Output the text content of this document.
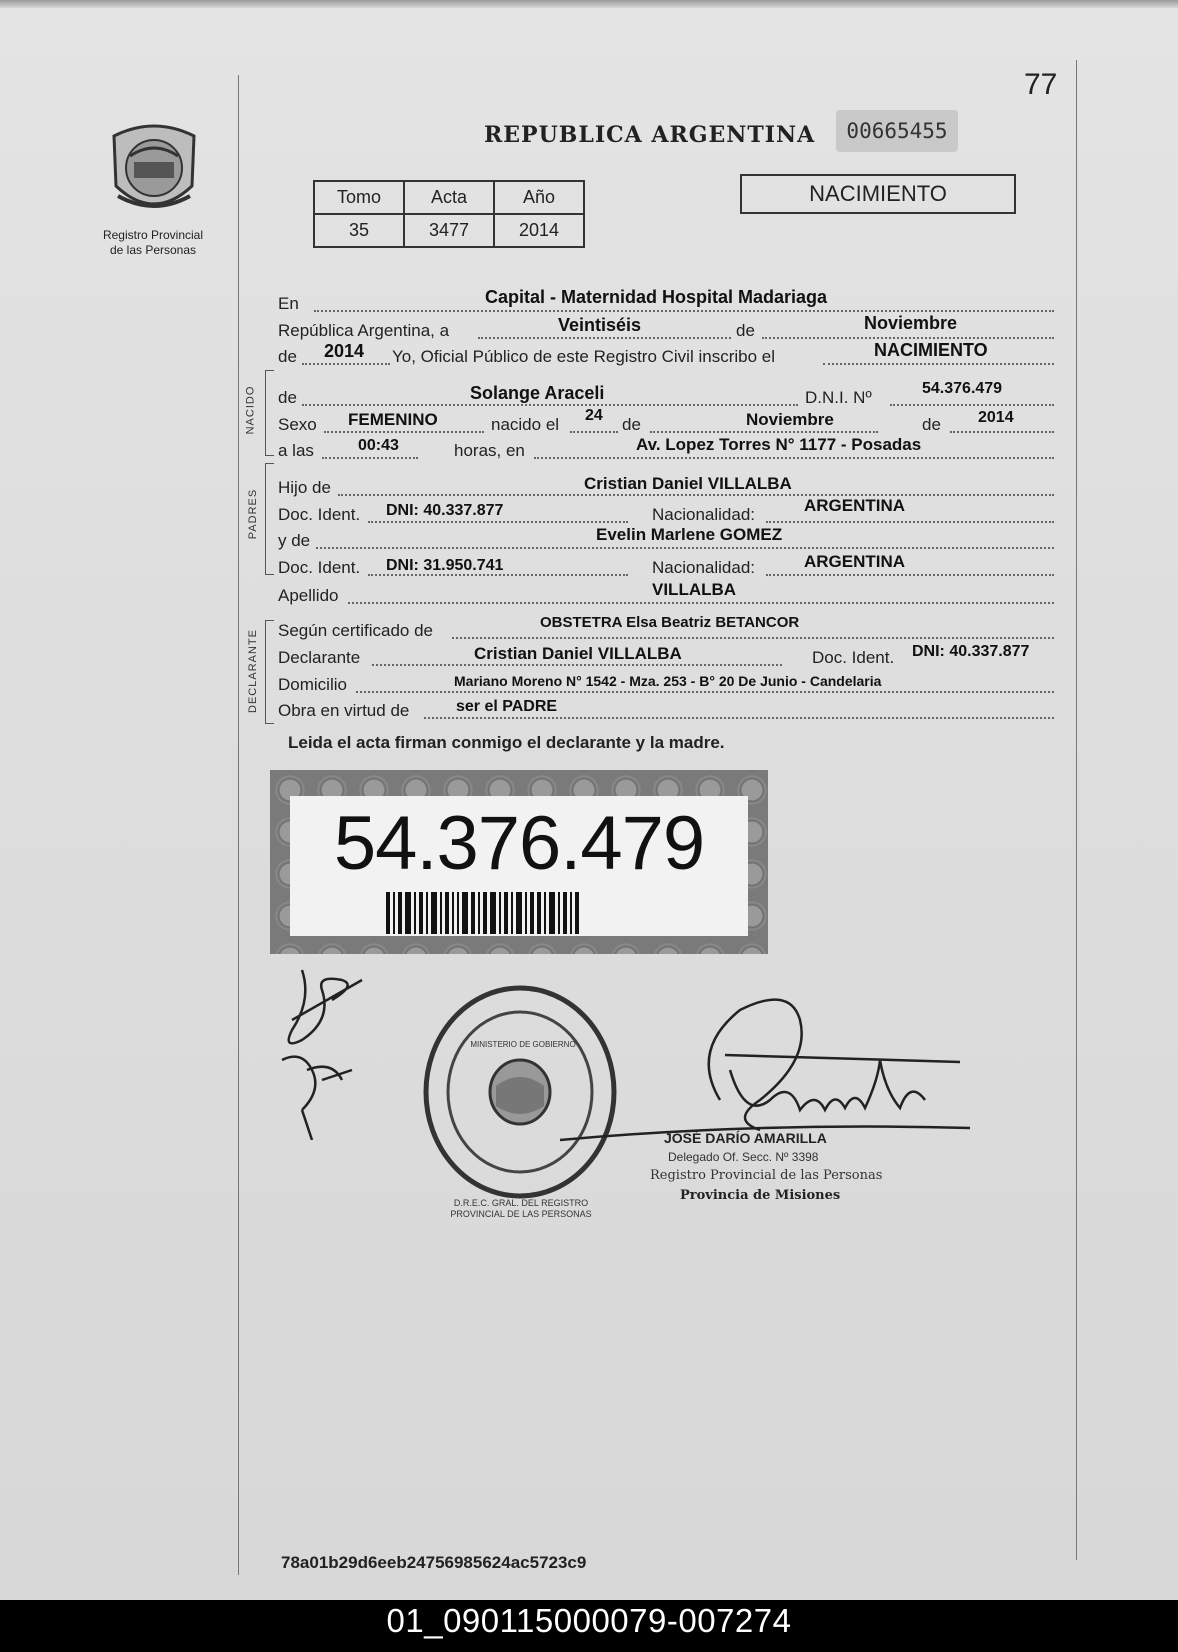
Registro Provincial
de las Personas
77
REPUBLICA ARGENTINA	00665455
NACIMIENTO
Tomo	Acta	Año
35	3477	2014
NACIDO
PADRES
DECLARANTE
En	Capital - Maternidad Hospital Madariaga
República Argentina, a	Veintiséis	de	Noviembre
de 2014 Yo, Oficial Público de este Registro Civil inscribo el	NACIMIENTO
de	Solange Araceli	D.N.I. Nº	54.376.479
Sexo FEMENINO	nacido el 24 de	Noviembre	de 2014
a las	00:43	horas, en	Av. Lopez Torres N° 1177 - Posadas
Hijo de	Cristian Daniel VILLALBA
Doc. Ident. DNI: 40.337.877	Nacionalidad:	ARGENTINA
y de	Evelin Marlene GOMEZ
Doc. Ident. DNI: 31.950.741	Nacionalidad:	ARGENTINA
Apellido	VILLALBA
Según certificado de	OBSTETRA Elsa Beatriz BETANCOR
Declarante	Cristian Daniel VILLALBA	Doc. Ident. DNI: 40.337.877
Domicilio	Mariano Moreno N° 1542 - Mza. 253 - B° 20 De Junio - Candelaria
Obra en virtud de	ser el PADRE
Leida el acta firman conmigo el declarante y la madre.
54.376.479
D.R.E.C. GRAL. DEL REGISTRO PROVINCIAL DE LAS PERSONAS
MINISTERIO DE GOBIERNO
JOSÉ DARÍO AMARILLA
Delegado Of. Secc. Nº 3398
Registro Provincial de las Personas
Provincia de Misiones
78a01b29d6eeb24756985624ac5723c9
01_090115000079-007274
